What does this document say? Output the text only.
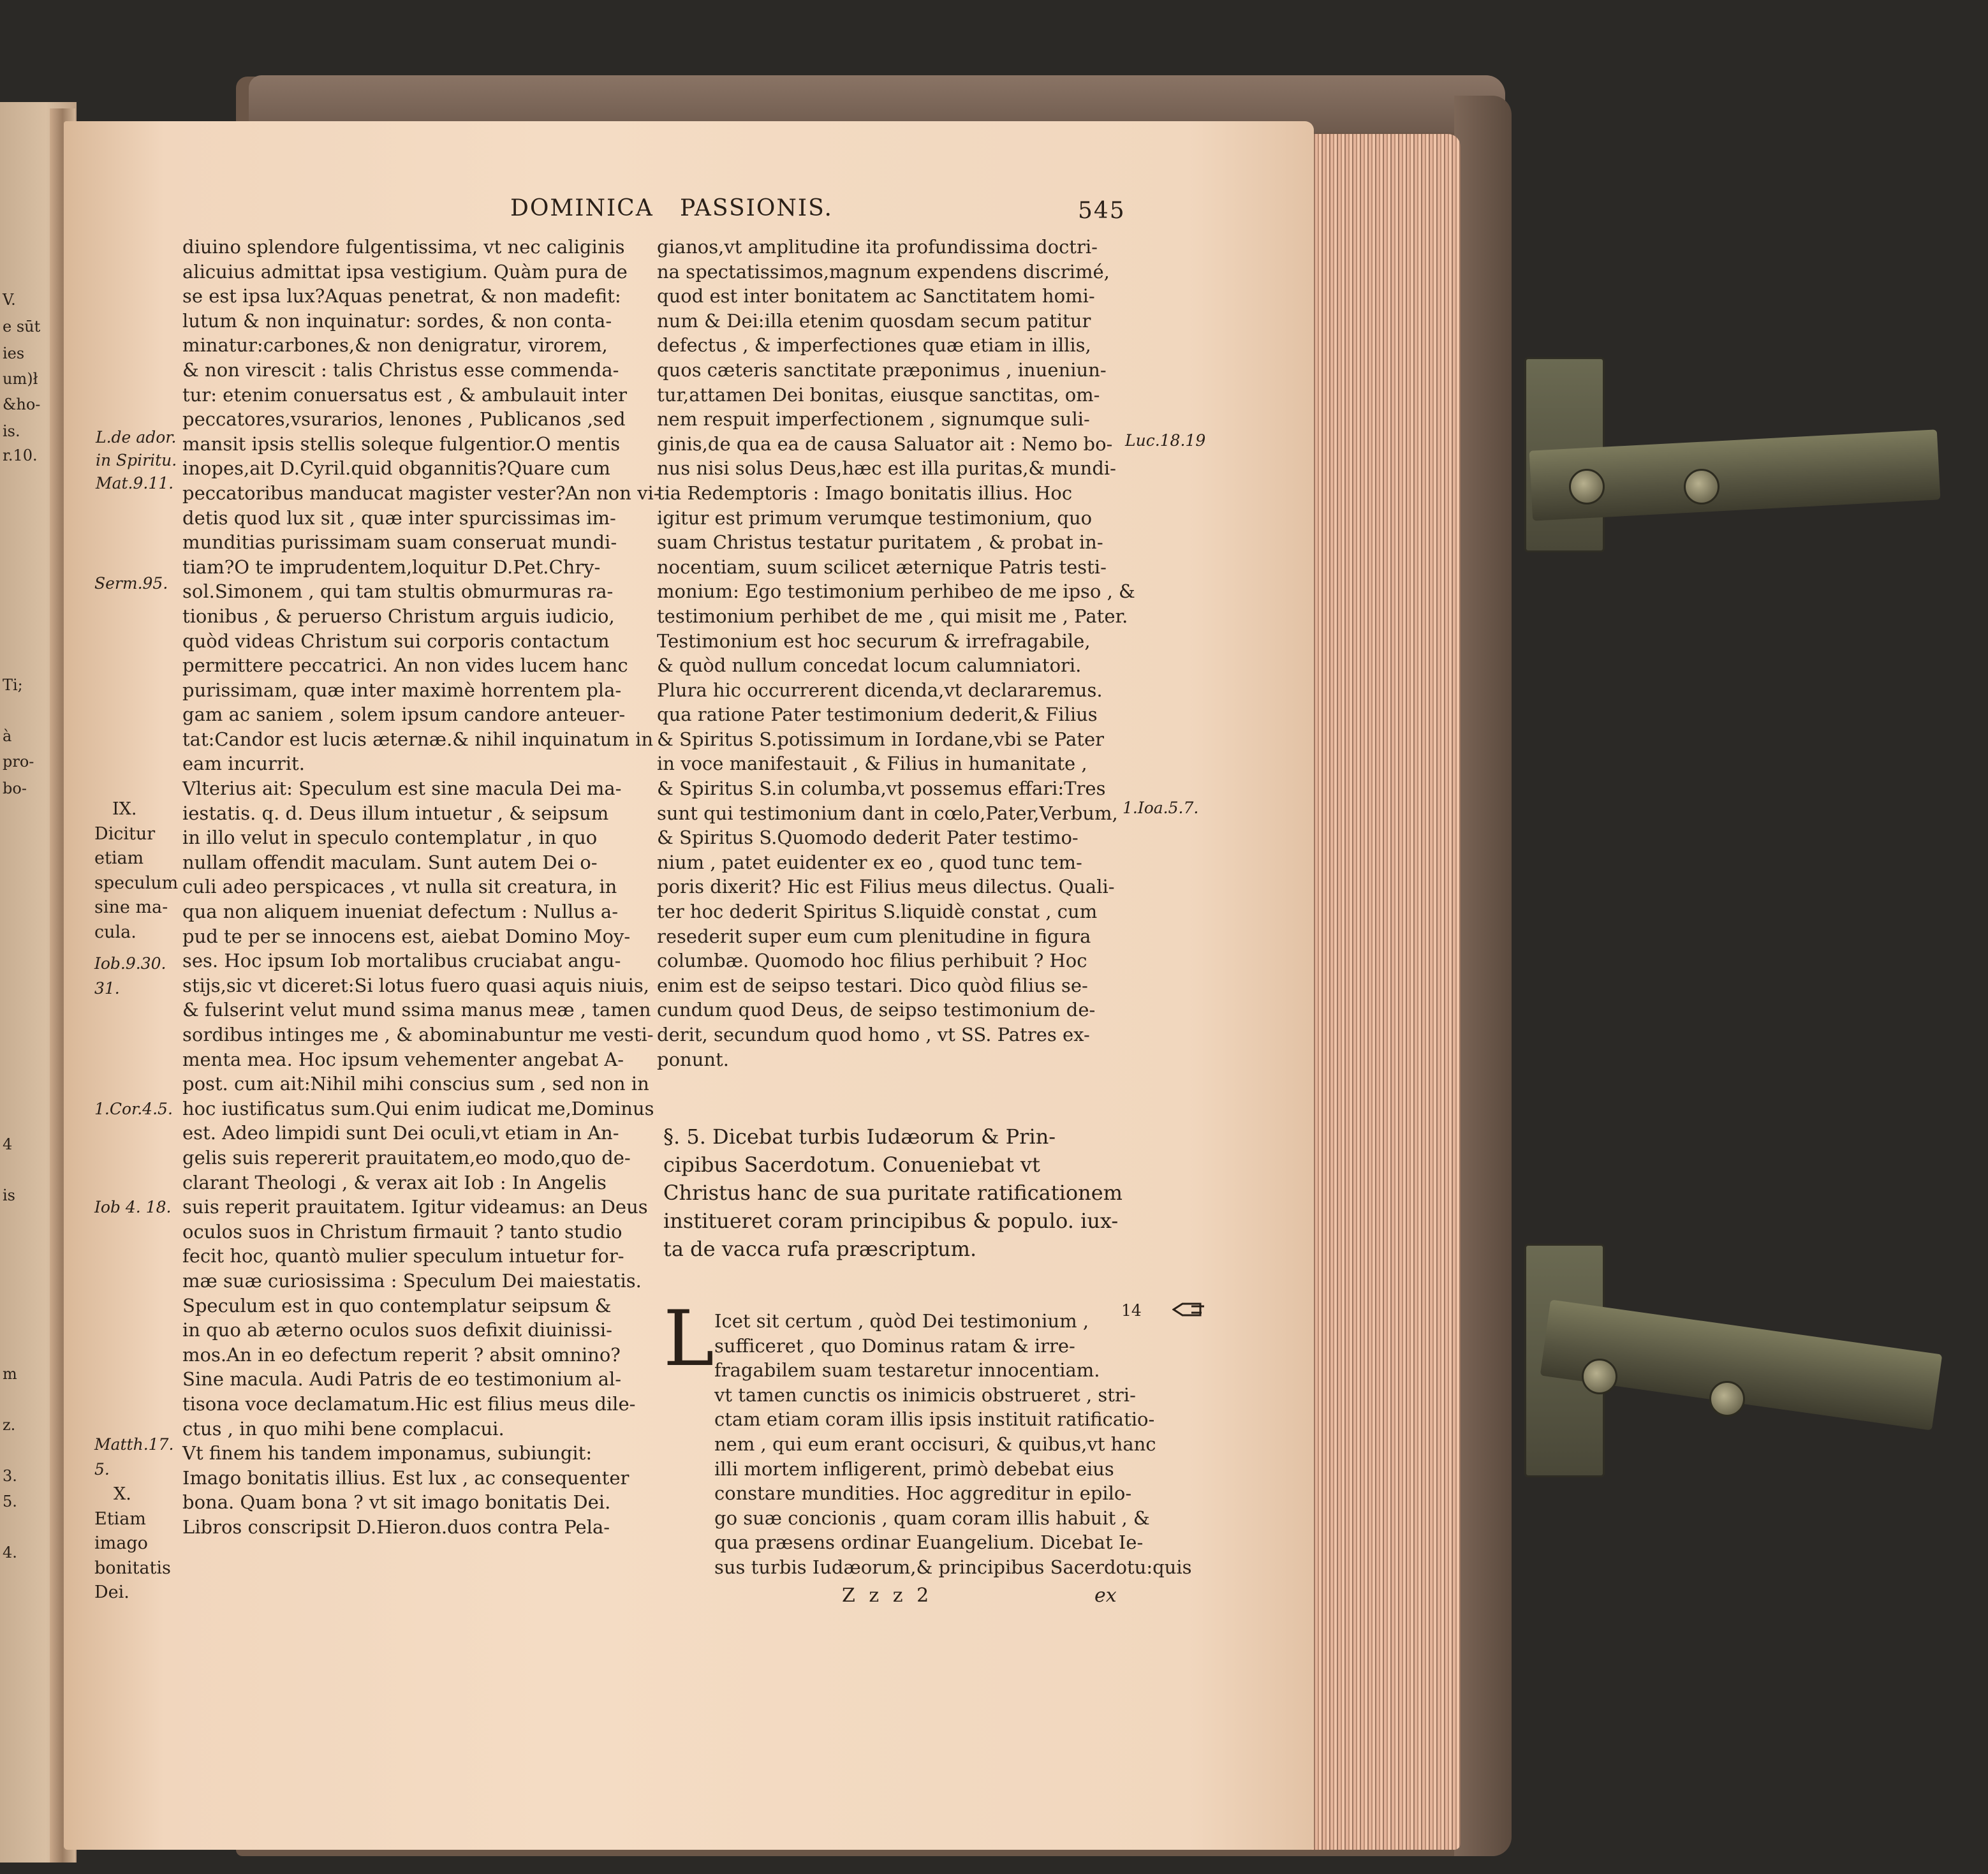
V.
e sūt
ies
um)ł
&ho-
is.
r.10.
Ti;
à
pro-
bo-
4
is
m
z.
3.
5.
4.
DOMINICA PASSIONIS.	545
diuino splendore fulgentissima, vt nec caliginis
alicuius admittat ipsa vestigium. Quàm pura de
se est ipsa lux?Aquas penetrat, & non madefit:
lutum & non inquinatur: sordes, & non conta-
minatur:carbones,& non denigratur, virorem,
& non virescit : talis Christus esse commenda-
tur: etenim conuersatus est , & ambulauit inter
peccatores,vsurarios, lenones , Publicanos ,sed
mansit ipsis stellis soleque fulgentior.O mentis
inopes,ait D.Cyril.quid obgannitis?Quare cum
peccatoribus manducat magister vester?An non vi-
detis quod lux sit , quæ inter spurcissimas im-
munditias purissimam suam conseruat mundi-
tiam?O te imprudentem,loquitur D.Pet.Chry-
sol.Simonem , qui tam stultis obmurmuras ra-
tionibus , & peruerso Christum arguis iudicio,
quòd videas Christum sui corporis contactum
permittere peccatrici. An non vides lucem hanc
purissimam, quæ inter maximè horrentem pla-
gam ac saniem , solem ipsum candore anteuer-
tat:Candor est lucis æternæ.& nihil inquinatum in
eam incurrit.
Vlterius ait: Speculum est sine macula Dei ma-
iestatis. q. d. Deus illum intuetur , & seipsum
in illo velut in speculo contemplatur , in quo
nullam offendit maculam. Sunt autem Dei o-
culi adeo perspicaces , vt nulla sit creatura, in
qua non aliquem inueniat defectum : Nullus a-
pud te per se innocens est, aiebat Domino Moy-
ses. Hoc ipsum Iob mortalibus cruciabat angu-
stijs,sic vt diceret:Si lotus fuero quasi aquis niuis,
& fulserint velut mund ssima manus meæ , tamen
sordibus intinges me , & abominabuntur me vesti-
menta mea. Hoc ipsum vehementer angebat A-
post. cum ait:Nihil mihi conscius sum , sed non in
hoc iustificatus sum.Qui enim iudicat me,Dominus
est. Adeo limpidi sunt Dei oculi,vt etiam in An-
gelis suis repererit prauitatem,eo modo,quo de-
clarant Theologi , & verax ait Iob : In Angelis
suis reperit prauitatem. Igitur videamus: an Deus
oculos suos in Christum firmauit ? tanto studio
fecit hoc, quantò mulier speculum intuetur for-
mæ suæ curiosissima : Speculum Dei maiestatis.
Speculum est in quo contemplatur seipsum &
in quo ab æterno oculos suos defixit diuinissi-
mos.An in eo defectum reperit ? absit omnino?
Sine macula. Audi Patris de eo testimonium al-
tisona voce declamatum.Hic est filius meus dile-
ctus , in quo mihi bene complacui.
Vt finem his tandem imponamus, subiungit:
Imago bonitatis illius. Est lux , ac consequenter
bona. Quam bona ? vt sit imago bonitatis Dei.
Libros conscripsit D.Hieron.duos contra Pela-
gianos,vt amplitudine ita profundissima doctri-
na spectatissimos,magnum expendens discrimé,
quod est inter bonitatem ac Sanctitatem homi-
num & Dei:illa etenim quosdam secum patitur
defectus , & imperfectiones quæ etiam in illis,
quos cæteris sanctitate præponimus , inueniun-
tur,attamen Dei bonitas, eiusque sanctitas, om-
nem respuit imperfectionem , signumque suli-
ginis,de qua ea de causa Saluator ait : Nemo bo-
nus nisi solus Deus,hæc est illa puritas,& mundi-
tia Redemptoris : Imago bonitatis illius. Hoc
igitur est primum verumque testimonium, quo
suam Christus testatur puritatem , & probat in-
nocentiam, suum scilicet æternique Patris testi-
monium: Ego testimonium perhibeo de me ipso , &
testimonium perhibet de me , qui misit me , Pater.
Testimonium est hoc securum & irrefragabile,
& quòd nullum concedat locum calumniatori.
Plura hic occurrerent dicenda,vt declararemus.
qua ratione Pater testimonium dederit,& Filius
& Spiritus S.potissimum in Iordane,vbi se Pater
in voce manifestauit , & Filius in humanitate ,
& Spiritus S.in columba,vt possemus effari:Tres
sunt qui testimonium dant in cœlo,Pater,Verbum,
& Spiritus S.Quomodo dederit Pater testimo-
nium , patet euidenter ex eo , quod tunc tem-
poris dixerit? Hic est Filius meus dilectus. Quali-
ter hoc dederit Spiritus S.liquidè constat , cum
resederit super eum cum plenitudine in figura
columbæ. Quomodo hoc filius perhibuit ? Hoc
enim est de seipso testari. Dico quòd filius se-
cundum quod Deus, de seipso testimonium de-
derit, secundum quod homo , vt SS. Patres ex-
ponunt.
§. 5. Dicebat turbis Iudæorum & Prin-
cipibus Sacerdotum. Conueniebat vt
Christus hanc de sua puritate ratificationem
institueret coram principibus & populo. iux-
ta de vacca rufa præscriptum.
L Icet sit certum , quòd Dei testimonium ,
sufficeret , quo Dominus ratam & irre-
fragabilem suam testaretur innocentiam.
vt tamen cunctis os inimicis obstrueret , stri-
ctam etiam coram illis ipsis instituit ratificatio-
nem , qui eum erant occisuri, & quibus,vt hanc
illi mortem infligerent, primò debebat eius
constare mundities. Hoc aggreditur in epilo-
go suæ concionis , quam coram illis habuit , &
qua præsens ordinar Euangelium. Dicebat Ie-
sus turbis Iudæorum,& principibus Sacerdotu:quis
L.de ador.
in Spiritu.
Mat.9.11.
Serm.95.
IX.
Dicitur
etiam
speculum
sine ma-
cula.
Iob.9.30.
31.
1.Cor.4.5.
Iob 4. 18.
Matth.17.
5.
X.
Etiam
imago
bonitatis
Dei.
Luc.18.19
1.Ioa.5.7.
14
Z z z 2	ex
